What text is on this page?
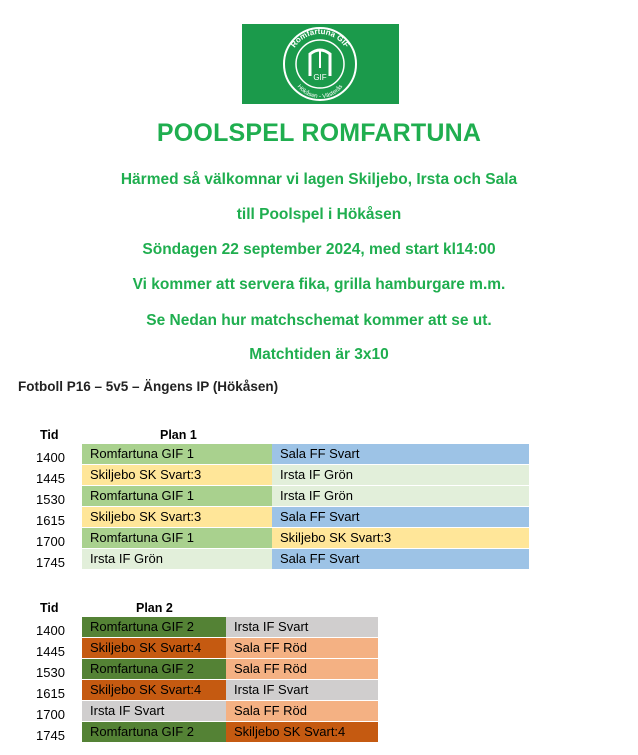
Romfartuna GIF
Hökåsen - Västerås
GIF
POOLSPEL ROMFARTUNA
Härmed så välkomnar vi lagen Skiljebo, Irsta och Sala
till Poolspel i Hökåsen
Söndagen 22 september 2024, med start kl14:00
Vi kommer att servera fika, grilla hamburgare m.m.
Se Nedan hur matchschemat kommer att se ut.
Matchtiden är 3x10
Fotboll P16 – 5v5 – Ängens IP (Hökåsen)
Tid	Plan 1
1400	Romfartuna GIF 1	Sala FF Svart
1445	Skiljebo SK Svart:3	Irsta IF Grön
1530	Romfartuna GIF 1	Irsta IF Grön
1615	Skiljebo SK Svart:3	Sala FF Svart
1700	Romfartuna GIF 1	Skiljebo SK Svart:3
1745	Irsta IF Grön	Sala FF Svart
Tid	Plan 2
1400	Romfartuna GIF 2	Irsta IF Svart
1445	Skiljebo SK Svart:4	Sala FF Röd
1530	Romfartuna GIF 2	Sala FF Röd
1615	Skiljebo SK Svart:4	Irsta IF Svart
1700	Irsta IF Svart	Sala FF Röd
1745	Romfartuna GIF 2	Skiljebo SK Svart:4
